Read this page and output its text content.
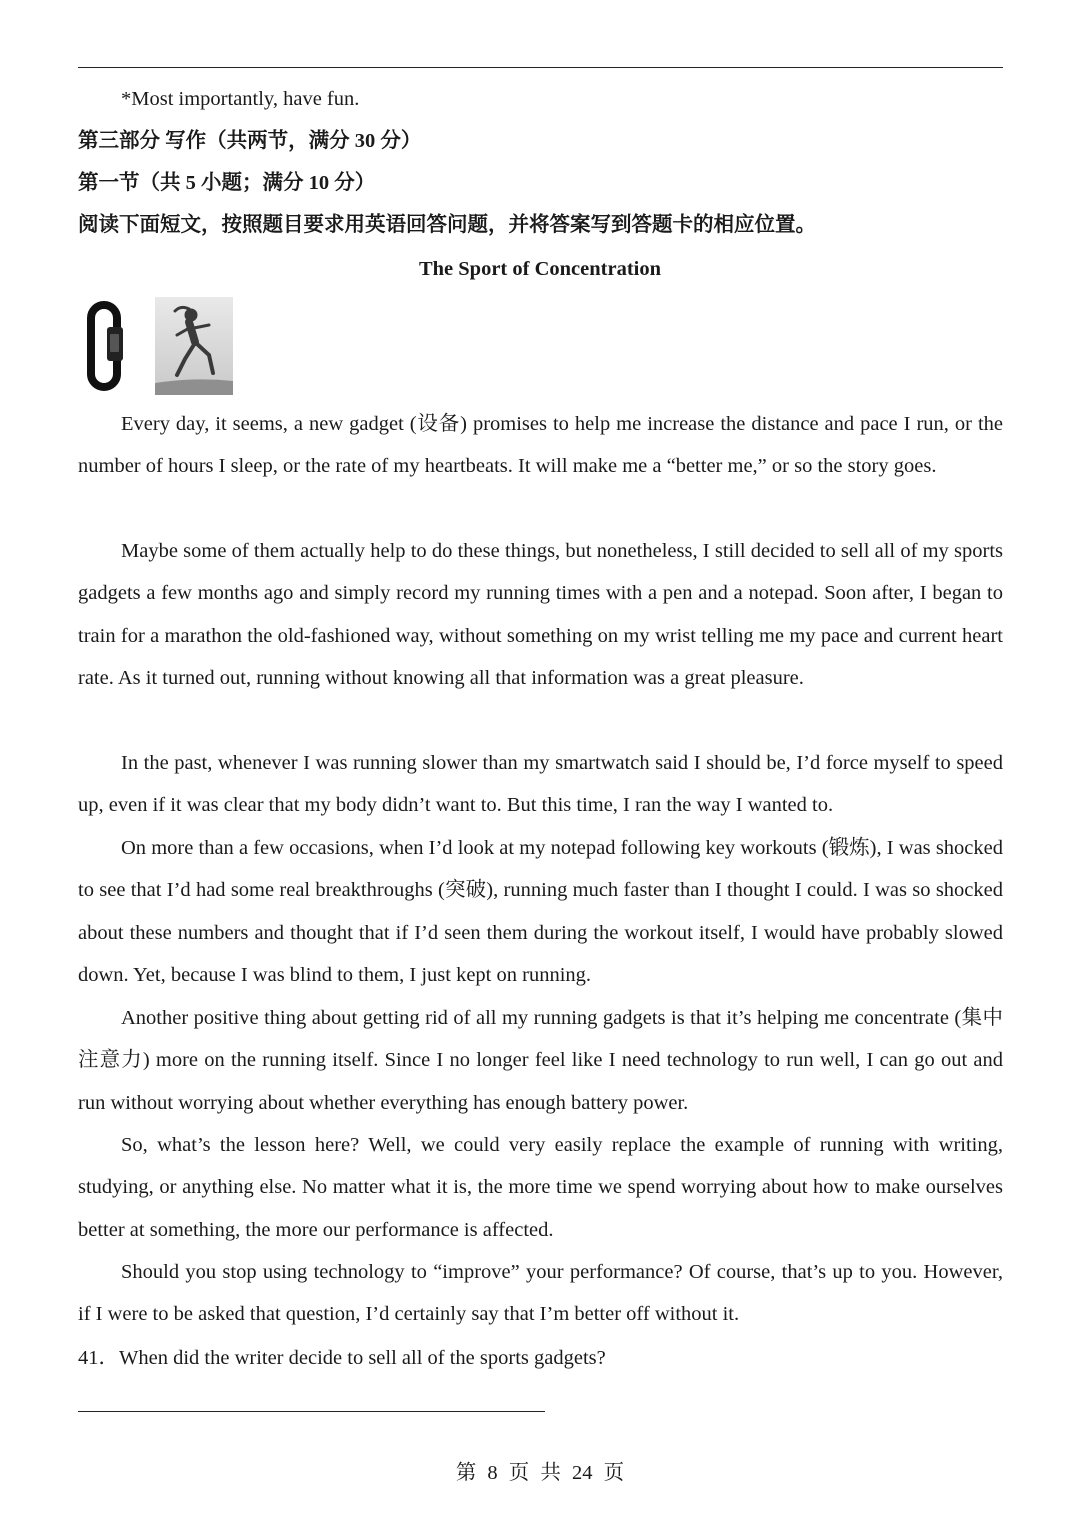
*Most importantly, have fun.
第三部分 写作（共两节，满分 30 分）
第一节（共 5 小题；满分 10 分）
阅读下面短文，按照题目要求用英语回答问题，并将答案写到答题卡的相应位置。
The Sport of Concentration
Every day, it seems, a new gadget (设备) promises to help me increase the distance and pace I run, or the number of hours I sleep, or the rate of my heartbeats. It will make me a “better me,” or so the story goes.
Maybe some of them actually help to do these things, but nonetheless, I still decided to sell all of my sports gadgets a few months ago and simply record my running times with a pen and a notepad. Soon after, I began to train for a marathon the old-fashioned way, without something on my wrist telling me my pace and current heart rate. As it turned out, running without knowing all that information was a great pleasure.
In the past, whenever I was running slower than my smartwatch said I should be, I’d force myself to speed up, even if it was clear that my body didn’t want to. But this time, I ran the way I wanted to.
On more than a few occasions, when I’d look at my notepad following key workouts (锻炼), I was shocked to see that I’d had some real breakthroughs (突破), running much faster than I thought I could. I was so shocked about these numbers and thought that if I’d seen them during the workout itself, I would have probably slowed down. Yet, because I was blind to them, I just kept on running.
Another positive thing about getting rid of all my running gadgets is that it’s helping me concentrate (集中注意力) more on the running itself. Since I no longer feel like I need technology to run well, I can go out and run without worrying about whether everything has enough battery power.
So, what’s the lesson here? Well, we could very easily replace the example of running with writing, studying, or anything else. No matter what it is, the more time we spend worrying about how to make ourselves better at something, the more our performance is affected.
Should you stop using technology to “improve” your performance? Of course, that’s up to you. However, if I were to be asked that question, I’d certainly say that I’m better off without it.
41．When did the writer decide to sell all of the sports gadgets?
第 8 页 共 24 页
